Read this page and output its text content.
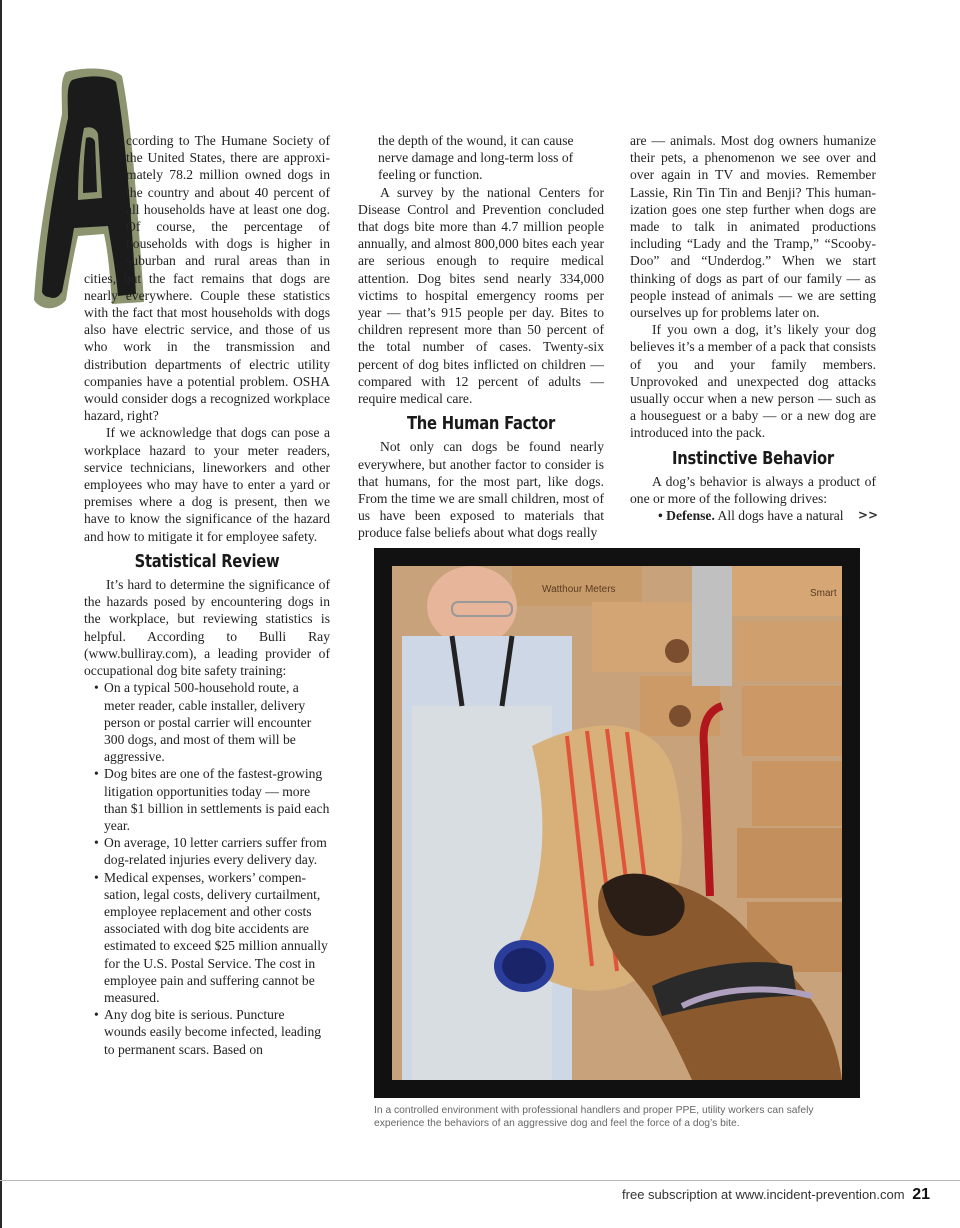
A

ccording to The Humane Society of the United States, there are approximately 78.2 million owned dogs in the country and about 40 percent of all households have at least one dog. Of course, the percentage of households with dogs is higher in suburban and rural areas than in cities, but the fact remains that dogs are nearly everywhere. Couple these statistics with the fact that most households with dogs also have electric service, and those of us who work in the transmission and distribution departments of electric utility companies have a potential problem. OSHA would consider dogs a recognized workplace hazard, right?

If we acknowledge that dogs can pose a workplace hazard to your meter readers, service technicians, lineworkers and other employees who may have to enter a yard or premises where a dog is present, then we have to know the significance of the hazard and how to mitigate it for employee safety.

Statistical Review

It’s hard to determine the significance of the hazards posed by encountering dogs in the workplace, but reviewing statistics is helpful. According to Bulli Ray (www.bulliray.com), a leading provider of occupational dog bite safety training:

• On a typical 500-household route, a meter reader, cable installer, delivery person or postal carrier will encounter 300 dogs, and most of them will be aggressive.
• Dog bites are one of the fastest-growing litigation opportunities today — more than $1 billion in settlements is paid each year.
• On average, 10 letter carriers suffer from dog-related injuries every delivery day.
• Medical expenses, workers’ compensation, legal costs, delivery curtailment, employee replacement and other costs associated with dog bite accidents are estimated to exceed $25 million annually for the U.S. Postal Service. The cost in employee pain and suffering cannot be measured.
• Any dog bite is serious. Puncture wounds easily become infected, leading to permanent scars. Based on

the depth of the wound, it can cause nerve damage and long-term loss of feeling or function.

A survey by the national Centers for Disease Control and Prevention concluded that dogs bite more than 4.7 million people annually, and almost 800,000 bites each year are serious enough to require medical attention. Dog bites send nearly 334,000 victims to hospital emergency rooms per year — that’s 915 people per day. Bites to children represent more than 50 percent of the total number of cases. Twenty-six percent of dog bites inflicted on children — compared with 12 percent of adults — require medical care.

The Human Factor

Not only can dogs be found nearly everywhere, but another factor to consider is that humans, for the most part, like dogs. From the time we are small children, most of us have been exposed to materials that produce false beliefs about what dogs really

are — animals. Most dog owners humanize their pets, a phenomenon we see over and over again in TV and movies. Remember Lassie, Rin Tin Tin and Benji? This humanization goes one step further when dogs are made to talk in animated productions including “Lady and the Tramp,” “Scooby-Doo” and “Underdog.” When we start thinking of dogs as part of our family — as people instead of animals — we are setting ourselves up for problems later on.

If you own a dog, it’s likely your dog believes it’s a member of a pack that consists of you and your family members. Unprovoked and unexpected dog attacks usually occur when a new person — such as a houseguest or a baby — or a new dog are introduced into the pack.

Instinctive Behavior

A dog’s behavior is always a product of one or more of the following drives:

• Defense. All dogs have a natural >>

Watthour Meters	Smart
In a controlled environment with professional handlers and proper PPE, utility workers can safely experience the behaviors of an aggressive dog and feel the force of a dog’s bite.
free subscription at www.incident-prevention.com 21
